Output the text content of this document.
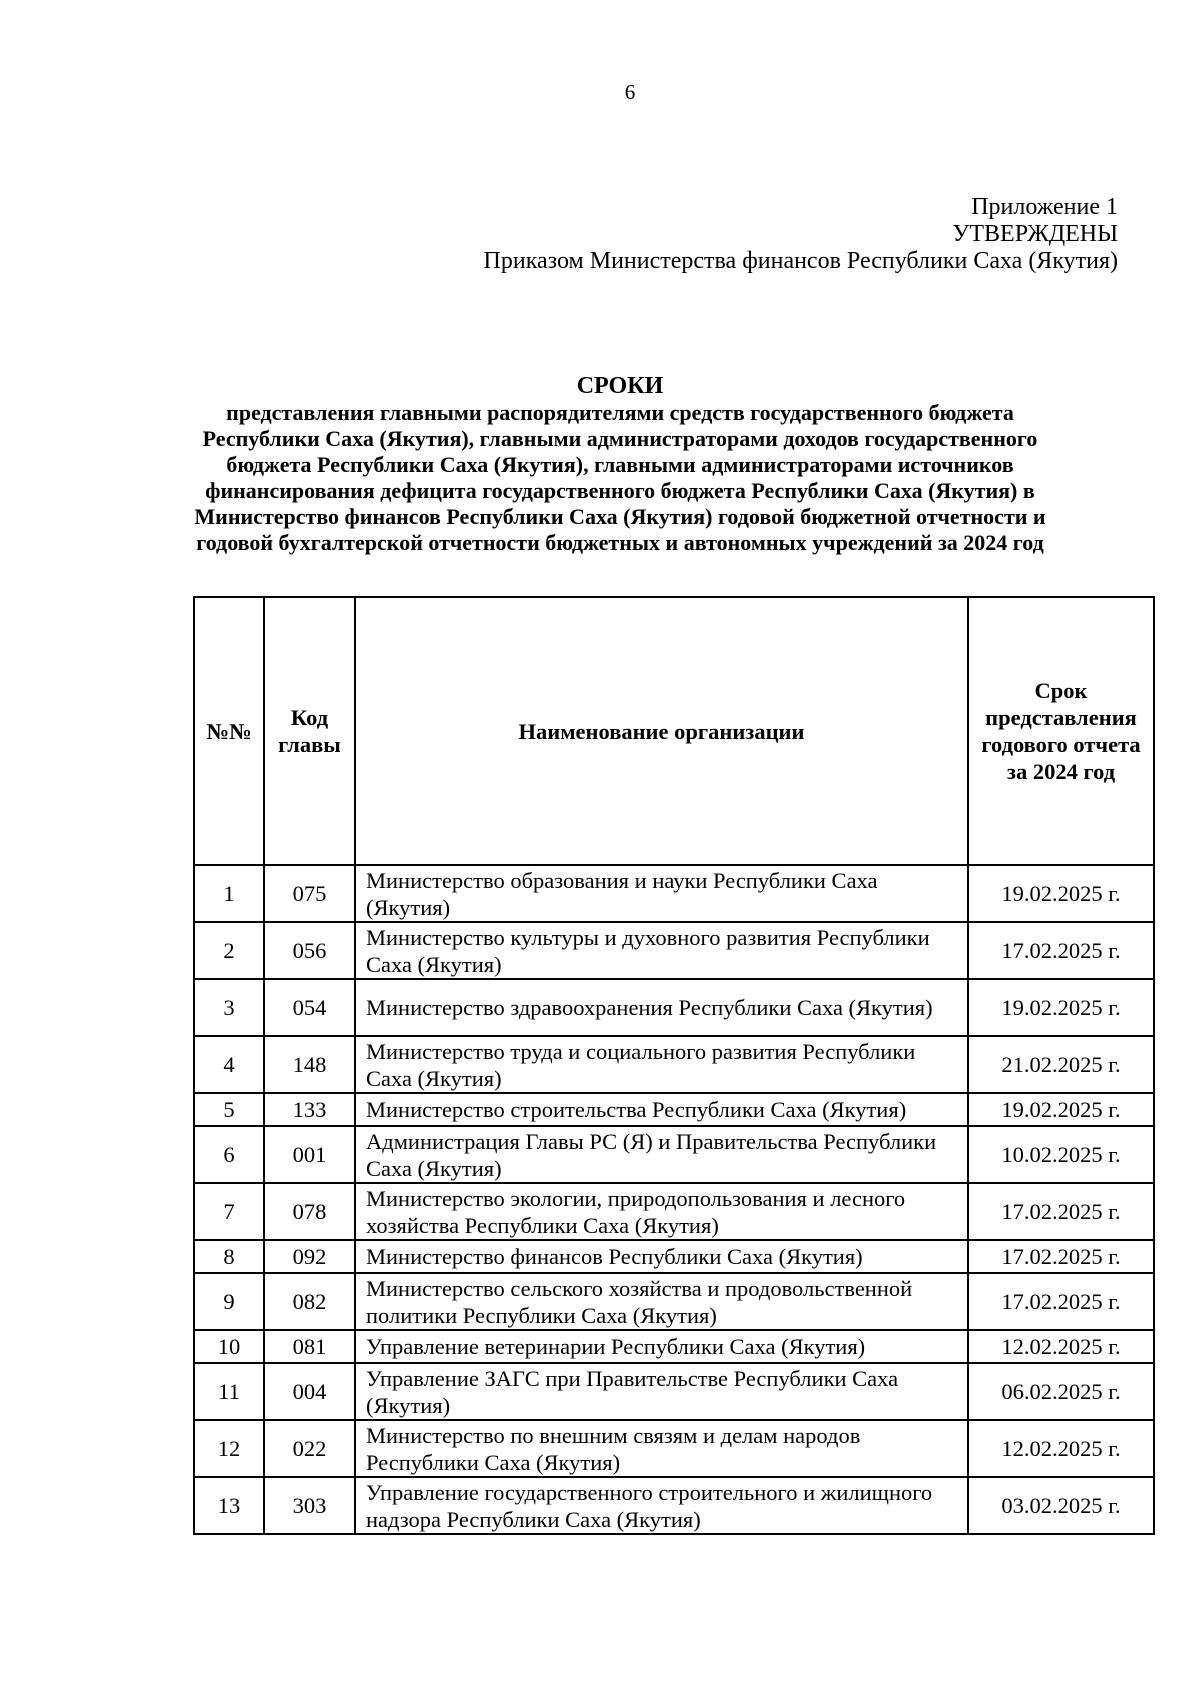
6
Приложение 1
УТВЕРЖДЕНЫ
Приказом Министерства финансов Республики Саха (Якутия)
СРОКИ
представления главными распорядителями средств государственного бюджета Республики Саха (Якутия), главными администраторами доходов государственного бюджета Республики Саха (Якутия), главными администраторами источников финансирования дефицита государственного бюджета Республики Саха (Якутия) в Министерство финансов Республики Саха (Якутия) годовой бюджетной отчетности и годовой бухгалтерской отчетности бюджетных и автономных учреждений за 2024 год
№№	Код главы	Наименование организации	Срок представления годового отчета за 2024 год
1	075	Министерство образования и науки Республики Саха (Якутия)	19.02.2025 г.
2	056	Министерство культуры и духовного развития Республики Саха (Якутия)	17.02.2025 г.
3	054	Министерство здравоохранения Республики Саха (Якутия)	19.02.2025 г.
4	148	Министерство труда и социального развития Республики Саха (Якутия)	21.02.2025 г.
5	133	Министерство строительства Республики Саха (Якутия)	19.02.2025 г.
6	001	Администрация Главы РС (Я) и Правительства Республики Саха (Якутия)	10.02.2025 г.
7	078	Министерство экологии, природопользования и лесного хозяйства Республики Саха (Якутия)	17.02.2025 г.
8	092	Министерство финансов Республики Саха (Якутия)	17.02.2025 г.
9	082	Министерство сельского хозяйства и продовольственной политики Республики Саха (Якутия)	17.02.2025 г.
10	081	Управление ветеринарии Республики Саха (Якутия)	12.02.2025 г.
11	004	Управление ЗАГС при Правительстве Республики Саха (Якутия)	06.02.2025 г.
12	022	Министерство по внешним связям и делам народов Республики Саха (Якутия)	12.02.2025 г.
13	303	Управление государственного строительного и жилищного надзора Республики Саха (Якутия)	03.02.2025 г.
